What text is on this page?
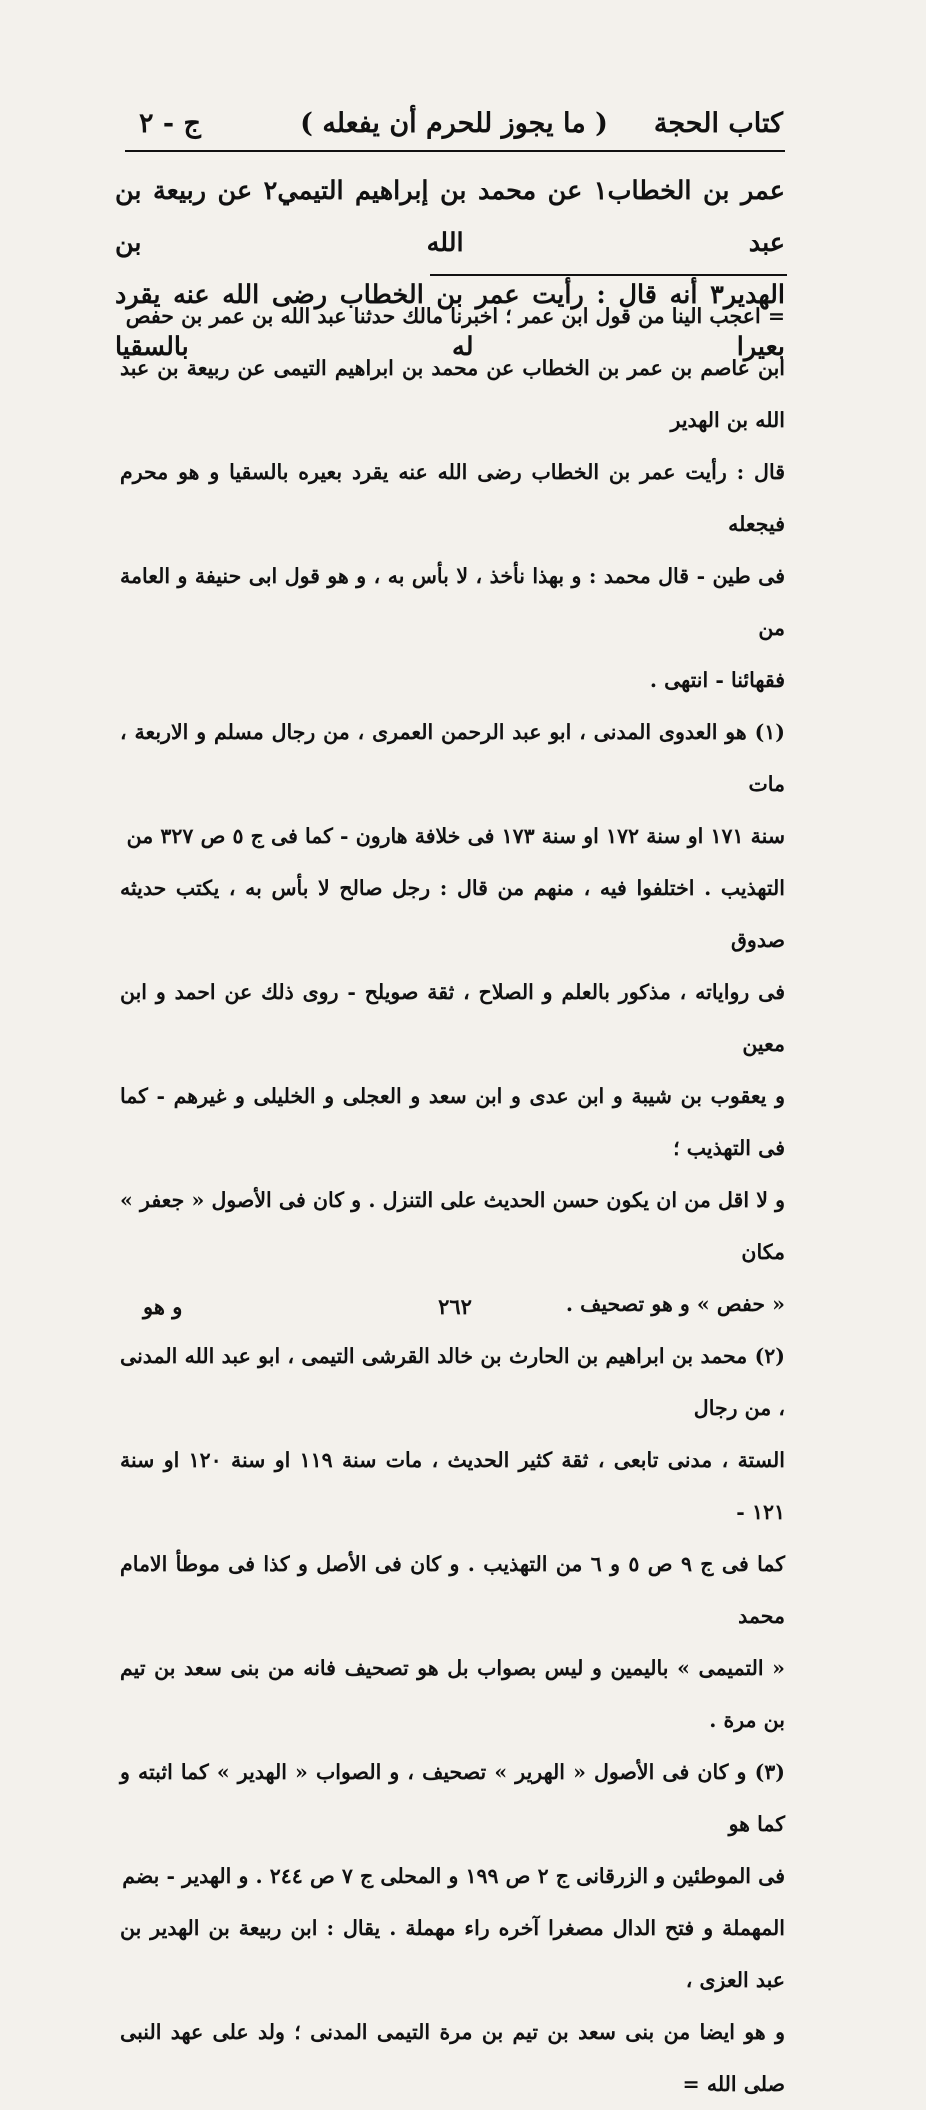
كتاب الحجة
( ما يجوز للحرم أن يفعله )
ج - ٢

عمر بن الخطاب١ عن محمد بن إبراهيم التيمي٢ عن ربيعة بن عبد الله بن

الهدير٣ أنه قال : رأيت عمر بن الخطاب رضى الله عنه يقرد بعيرا له بالسقيا

= اعجب الينا من قول ابن عمر ؛ اخبرنا مالك حدثنا عبد الله بن عمر بن حفص

ابن عاصم بن عمر بن الخطاب عن محمد بن ابراهيم التيمى عن ربيعة بن عبد الله بن الهدير

قال : رأيت عمر بن الخطاب رضى الله عنه يقرد بعيره بالسقيا و هو محرم فيجعله

فى طين - قال محمد : و بهذا نأخذ ، لا بأس به ، و هو قول ابى حنيفة و العامة من

فقهائنا - انتهى .

(١) هو العدوى المدنى ، ابو عبد الرحمن العمرى ، من رجال مسلم و الاربعة ، مات

سنة ١٧١ او سنة ١٧٢ او سنة ١٧٣ فى خلافة هارون - كما فى ج ٥ ص ٣٢٧ من

التهذيب . اختلفوا فيه ، منهم من قال : رجل صالح لا بأس به ، يكتب حديثه صدوق

فى رواياته ، مذكور بالعلم و الصلاح ، ثقة صويلح - روى ذلك عن احمد و ابن معين

و يعقوب بن شيبة و ابن عدى و ابن سعد و العجلى و الخليلى و غيرهم - كما فى التهذيب ؛

و لا اقل من ان يكون حسن الحديث على التنزل . و كان فى الأصول « جعفر » مكان

« حفص » و هو تصحيف .

(٢) محمد بن ابراهيم بن الحارث بن خالد القرشى التيمى ، ابو عبد الله المدنى ، من رجال

الستة ، مدنى تابعى ، ثقة كثير الحديث ، مات سنة ١١٩ او سنة ١٢٠ او سنة ١٢١ -

كما فى ج ٩ ص ٥ و ٦ من التهذيب . و كان فى الأصل و كذا فى موطأ الامام محمد

« التميمى » باليمين و ليس بصواب بل هو تصحيف فانه من بنى سعد بن تيم بن مرة .

(٣) و كان فى الأصول « الهرير » تصحيف ، و الصواب « الهدير » كما اثبته و كما هو

فى الموطئين و الزرقانى ج ٢ ص ١٩٩ و المحلى ج ٧ ص ٢٤٤ . و الهدير - بضم

المهملة و فتح الدال مصغرا آخره راء مهملة . يقال : ابن ربيعة بن الهدير بن عبد العزى ،

و هو ايضا من بنى سعد بن تيم بن مرة التيمى المدنى ؛ ولد على عهد النبى صلى الله =

٢٦٢
و هو
